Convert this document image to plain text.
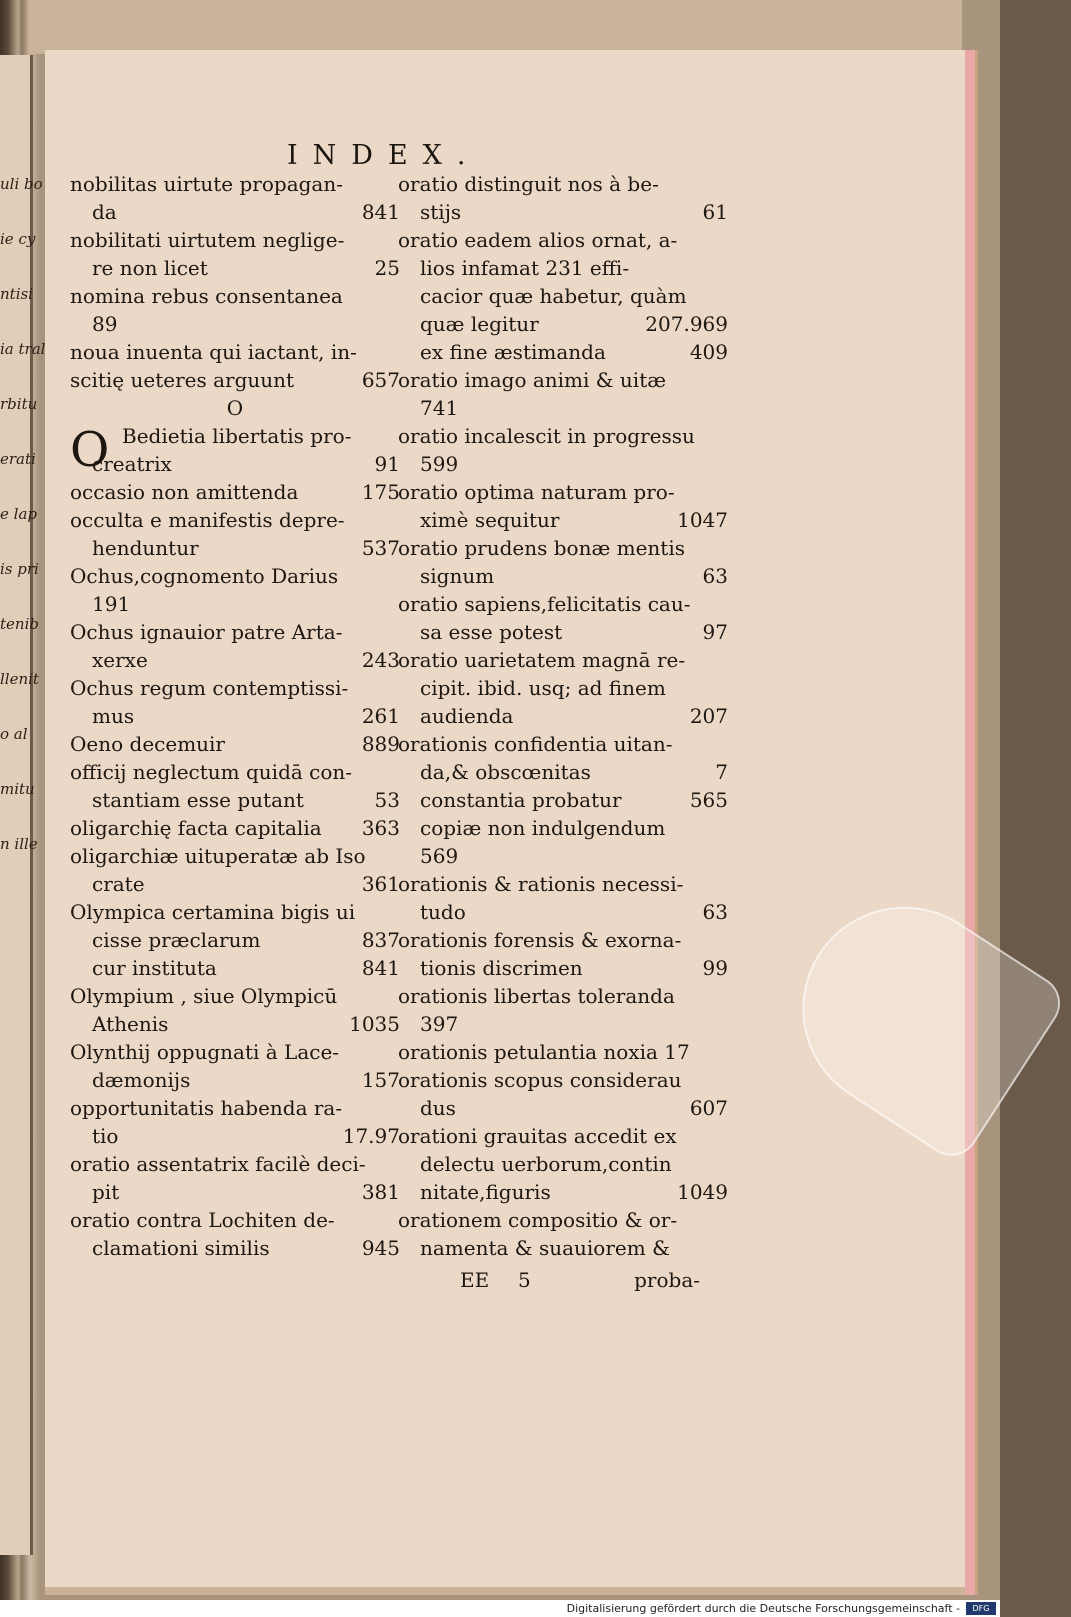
uli bo
ie cy
ntisi
ia tral
rbitu
erati
e lap
is pri
tenib
llenit
o al
mitu
n ille
INDEX.
nobilitas uirtute propagan-
da	841
nobilitati uirtutem neglige-
re non licet	25
nomina rebus consentanea
89
noua inuenta qui iactant, in-
scitię ueteres arguunt	657
O
O Bedietia libertatis pro-
creatrix	91
occasio non amittenda	175
occulta e manifestis depre-
henduntur	537
Ochus,cognomento Darius
191
Ochus ignauior patre Arta-
xerxe	243
Ochus regum contemptissi-
mus	261
Oeno decemuir	889
officij neglectum quidā con-
stantiam esse putant	53
oligarchię facta capitalia 363
oligarchiæ uituperatæ ab Iso
crate	361
Olympica certamina bigis ui
cisse præclarum	837
cur instituta	841
Olympium , siue Olympicū
Athenis	1035
Olynthij oppugnati à Lace-
dæmonijs	157
opportunitatis habenda ra-
tio	17.97
oratio assentatrix facilè deci-
pit	381
oratio contra Lochiten de-
clamationi similis	945
oratio distinguit nos à be-
stijs	61
oratio eadem alios ornat, a-
lios infamat 231 effi-
cacior quæ habetur, quàm
quæ legitur	207.969
ex fine æstimanda	409
oratio imago animi & uitæ
741
oratio incalescit in progressu
599
oratio optima naturam pro-
ximè sequitur	1047
oratio prudens bonæ mentis
signum	63
oratio sapiens,felicitatis cau-
sa esse potest	97
oratio uarietatem magnā re-
cipit. ibid. usq; ad finem
audienda	207
orationis confidentia uitan-
da,& obscœnitas	7
constantia probatur	565
copiæ non indulgendum
569
orationis & rationis necessi-
tudo	63
orationis forensis & exorna-
tionis discrimen	99
orationis libertas toleranda
397
orationis petulantia noxia 17
orationis scopus considerau
dus	607
orationi grauitas accedit ex
delectu uerborum,contin
nitate,figuris	1049
orationem compositio & or-
namenta & suauiorem &
EE 5	proba-
Digitalisierung gefördert durch die Deutsche Forschungsgemeinschaft -	DFG
